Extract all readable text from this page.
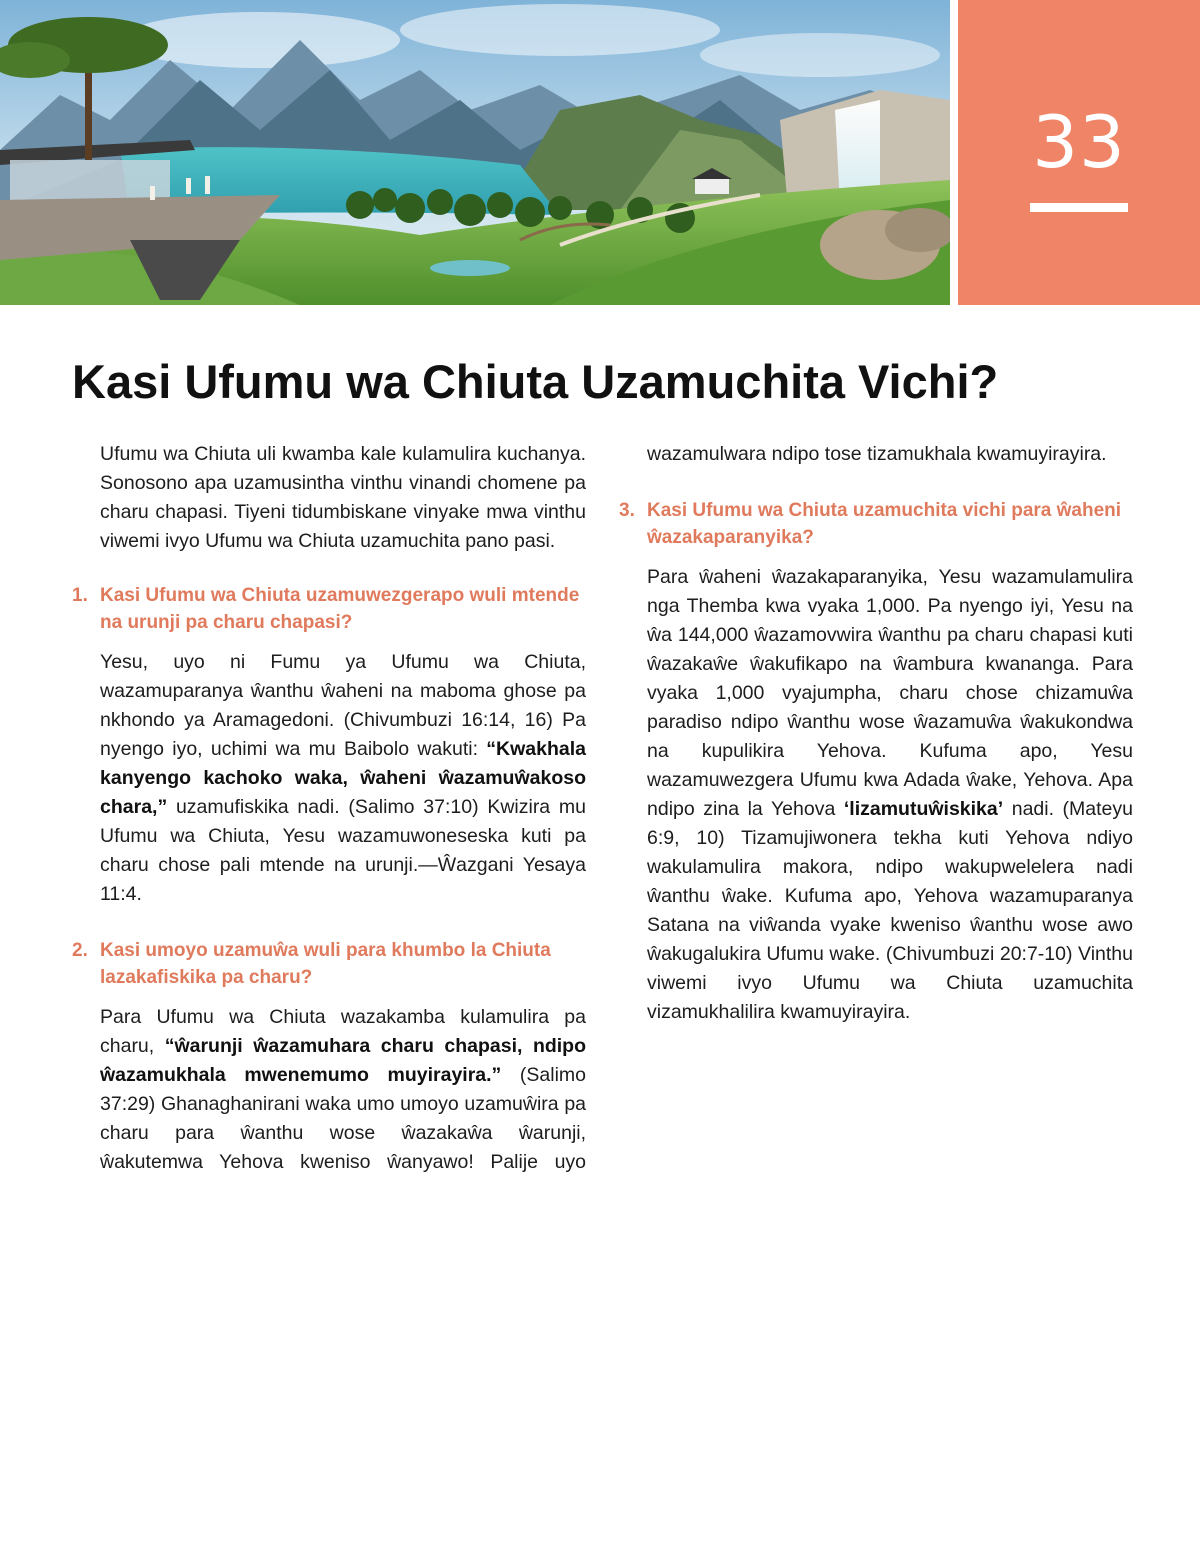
33
Kasi Ufumu wa Chiuta Uzamuchita Vichi?

Ufumu wa Chiuta uli kwamba kale kulamulira kuchanya. Sonosono apa uzamusintha vinthu vinandi chomene pa charu chapasi. Tiyeni tidumbiskane vinyake mwa vinthu viwemi ivyo Ufumu wa Chiuta uzamuchita pano pasi.

1. Kasi Ufumu wa Chiuta uzamuwezgerapo wuli mtende na urunji pa charu chapasi?

Yesu, uyo ni Fumu ya Ufumu wa Chiuta, wazamuparanya ŵanthu ŵaheni na maboma ghose pa nkhondo ya Aramagedoni. (Chivumbuzi 16:14, 16) Pa nyengo iyo, uchimi wa mu Baibolo wakuti: “Kwakhala kanyengo kachoko waka, ŵaheni ŵazamuŵakoso chara,” uzamufiskika nadi. (Salimo 37:10) Kwizira mu Ufumu wa Chiuta, Yesu wazamuwoneseska kuti pa charu chose pali mtende na urunji.—Ŵazgani Yesaya 11:4.

2. Kasi umoyo uzamuŵa wuli para khumbo la Chiuta lazakafiskika pa charu?

Para Ufumu wa Chiuta wazakamba kulamulira pa charu, “ŵarunji ŵazamuhara charu chapasi, ndipo ŵazamukhala mwenemumo muyirayira.” (Salimo 37:29) Ghanaghanirani waka umo umoyo uzamuŵira pa charu para ŵanthu wose ŵazakaŵa ŵarunji, ŵakutemwa Yehova kweniso ŵanyawo! Palije uyo

wazamulwara ndipo tose tizamukhala kwamuyirayira.

3. Kasi Ufumu wa Chiuta uzamuchita vichi para ŵaheni ŵazakaparanyika?

Para ŵaheni ŵazakaparanyika, Yesu wazamulamulira nga Themba kwa vyaka 1,000. Pa nyengo iyi, Yesu na ŵa 144,000 ŵazamovwira ŵanthu pa charu chapasi kuti ŵazakaŵe ŵakufikapo na ŵambura kwananga. Para vyaka 1,000 vyajumpha, charu chose chizamuŵa paradiso ndipo ŵanthu wose ŵazamuŵa ŵakukondwa na kupulikira Yehova. Kufuma apo, Yesu wazamuwezgera Ufumu kwa Adada ŵake, Yehova. Apa ndipo zina la Yehova ‘lizamutuŵiskika’ nadi. (Mateyu 6:9, 10) Tizamujiwonera tekha kuti Yehova ndiyo wakulamulira makora, ndipo wakupwelelera nadi ŵanthu ŵake. Kufuma apo, Yehova wazamuparanya Satana na viŵanda vyake kweniso ŵanthu wose awo ŵakugalukira Ufumu wake. (Chivumbuzi 20:7-10) Vinthu viwemi ivyo Ufumu wa Chiuta uzamuchita vizamukhalilira kwamuyirayira.
